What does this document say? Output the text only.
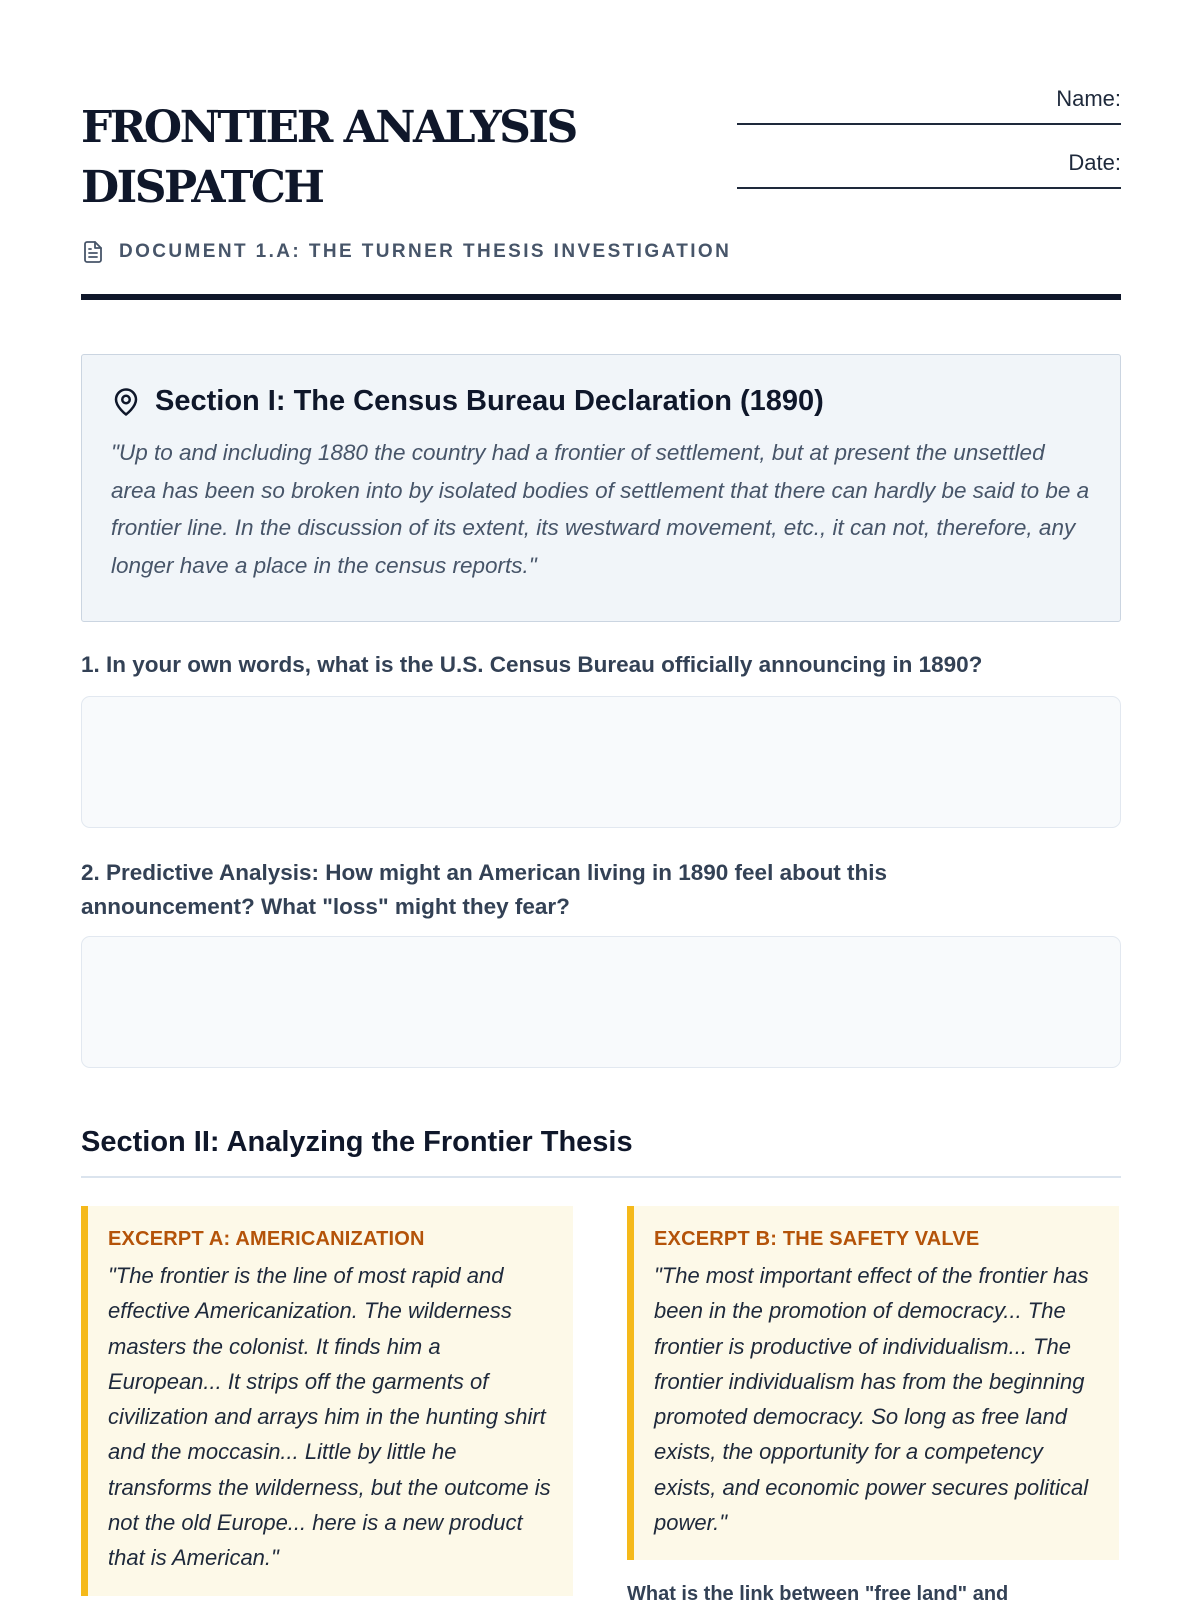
FRONTIER ANALYSIS
DISPATCH
Name:
Date:
DOCUMENT 1.A: THE TURNER THESIS INVESTIGATION
Section I: The Census Bureau Declaration (1890)

"Up to and including 1880 the country had a frontier of settlement, but at present the unsettled area has been so broken into by isolated bodies of settlement that there can hardly be said to be a frontier line. In the discussion of its extent, its westward movement, etc., it can not, therefore, any longer have a place in the census reports."

1. In your own words, what is the U.S. Census Bureau officially announcing in 1890?
2. Predictive Analysis: How might an American living in 1890 feel about this announcement? What "loss" might they fear?
Section II: Analyzing the Frontier Thesis
EXCERPT A: AMERICANIZATION

"The frontier is the line of most rapid and effective Americanization. The wilderness masters the colonist. It finds him a European... It strips off the garments of civilization and arrays him in the hunting shirt and the moccasin... Little by little he transforms the wilderness, but the outcome is not the old Europe... here is a new product that is American."

EXCERPT B: THE SAFETY VALVE

"The most important effect of the frontier has been in the promotion of democracy... The frontier is productive of individualism... The frontier individualism has from the beginning promoted democracy. So long as free land exists, the opportunity for a competency exists, and economic power secures political power."

What is the link between "free land" and
